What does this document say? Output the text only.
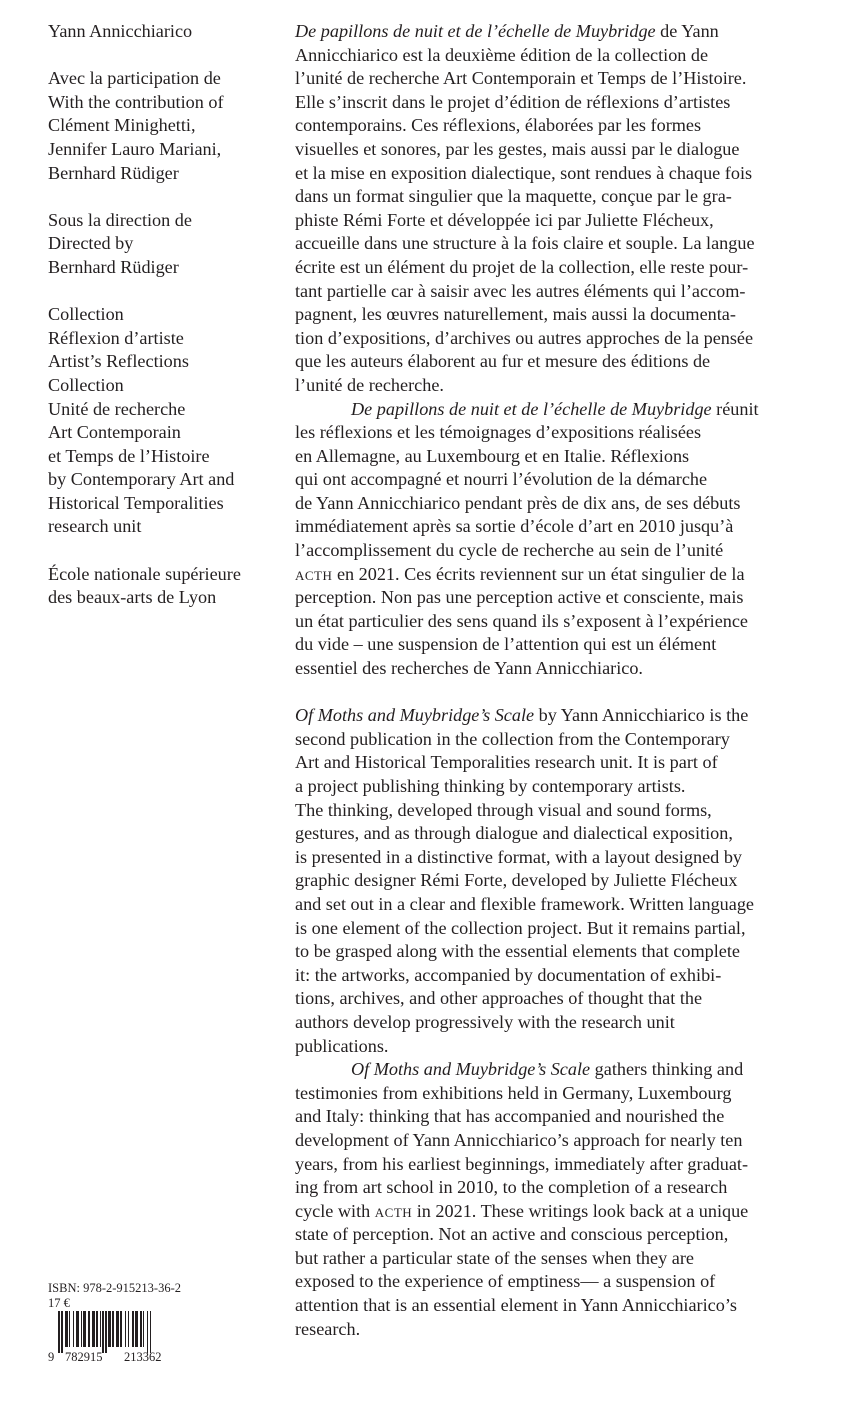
Yann Annicchiarico
Avec la participation de
With the contribution of
Clément Minighetti,
Jennifer Lauro Mariani,
Bernhard Rüdiger
Sous la direction de
Directed by
Bernhard Rüdiger
Collection
Réflexion d’artiste
Artist’s Reflections
Collection
Unité de recherche
Art Contemporain
et Temps de l’Histoire
by Contemporary Art and
Historical Temporalities
research unit
École nationale supérieure
des beaux-arts de Lyon
ISBN: 978-2-915213-36-2
17 €
9 782915 213362
De papillons de nuit et de l’échelle de Muybridge de Yann
Annicchiarico est la deuxième édition de la collection de
l’unité de recherche Art Contemporain et Temps de l’Histoire.
Elle s’inscrit dans le projet d’édition de réflexions d’artistes
contemporains. Ces réflexions, élaborées par les formes
visuelles et sonores, par les gestes, mais aussi par le dialogue
et la mise en exposition dialectique, sont rendues à chaque fois
dans un format singulier que la maquette, conçue par le gra-
phiste Rémi Forte et développée ici par Juliette Flécheux,
accueille dans une structure à la fois claire et souple. La langue
écrite est un élément du projet de la collection, elle reste pour-
tant partielle car à saisir avec les autres éléments qui l’accom-
pagnent, les œuvres naturellement, mais aussi la documenta-
tion d’expositions, d’archives ou autres approches de la pensée
que les auteurs élaborent au fur et mesure des éditions de
l’unité de recherche.
De papillons de nuit et de l’échelle de Muybridge réunit
les réflexions et les témoignages d’expositions réalisées
en Allemagne, au Luxembourg et en Italie. Réflexions
qui ont accompagné et nourri l’évolution de la démarche
de Yann Annicchiarico pendant près de dix ans, de ses débuts
immédiatement après sa sortie d’école d’art en 2010 jusqu’à
l’accomplissement du cycle de recherche au sein de l’unité
acth en 2021. Ces écrits reviennent sur un état singulier de la
perception. Non pas une perception active et consciente, mais
un état particulier des sens quand ils s’exposent à l’expérience
du vide – une suspension de l’attention qui est un élément
essentiel des recherches de Yann Annicchiarico.
Of Moths and Muybridge’s Scale by Yann Annicchiarico is the
second publication in the collection from the Contemporary
Art and Historical Temporalities research unit. It is part of
a project publishing thinking by contemporary artists.
The thinking, developed through visual and sound forms,
gestures, and as through dialogue and dialectical exposition,
is presented in a distinctive format, with a layout designed by
graphic designer Rémi Forte, developed by Juliette Flécheux
and set out in a clear and flexible framework. Written language
is one element of the collection project. But it remains partial,
to be grasped along with the essential elements that complete
it: the artworks, accompanied by documentation of exhibi-
tions, archives, and other approaches of thought that the
authors develop progressively with the research unit
publications.
Of Moths and Muybridge’s Scale gathers thinking and
testimonies from exhibitions held in Germany, Luxembourg
and Italy: thinking that has accompanied and nourished the
development of Yann Annicchiarico’s approach for nearly ten
years, from his earliest beginnings, immediately after graduat-
ing from art school in 2010, to the completion of a research
cycle with acth in 2021. These writings look back at a unique
state of perception. Not an active and conscious perception,
but rather a particular state of the senses when they are
exposed to the experience of emptiness— a suspension of
attention that is an essential element in Yann Annicchiarico’s
research.
